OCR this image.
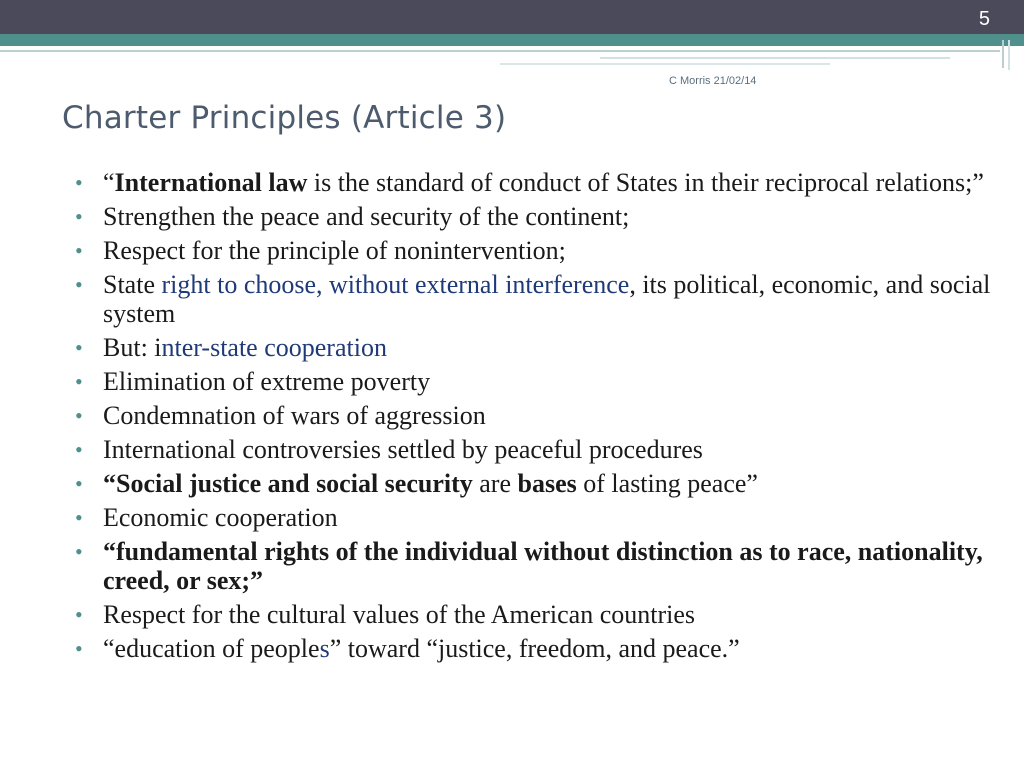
5
C Morris 21/02/14
Charter Principles (Article 3)
• “International law is the standard of conduct of States in their reciprocal relations;”
• Strengthen the peace and security of the continent;
• Respect for the principle of nonintervention;
• State right to choose, without external interference, its political, economic, and social system
• But: inter-state cooperation
• Elimination of extreme poverty
• Condemnation of wars of aggression
• International controversies settled by peaceful procedures
• “Social justice and social security are bases of lasting peace”
• Economic cooperation
• “fundamental rights of the individual without distinction as to race, nationality, creed, or sex;”
• Respect for the cultural values of the American countries
• “education of peoples” toward “justice, freedom, and peace.”
